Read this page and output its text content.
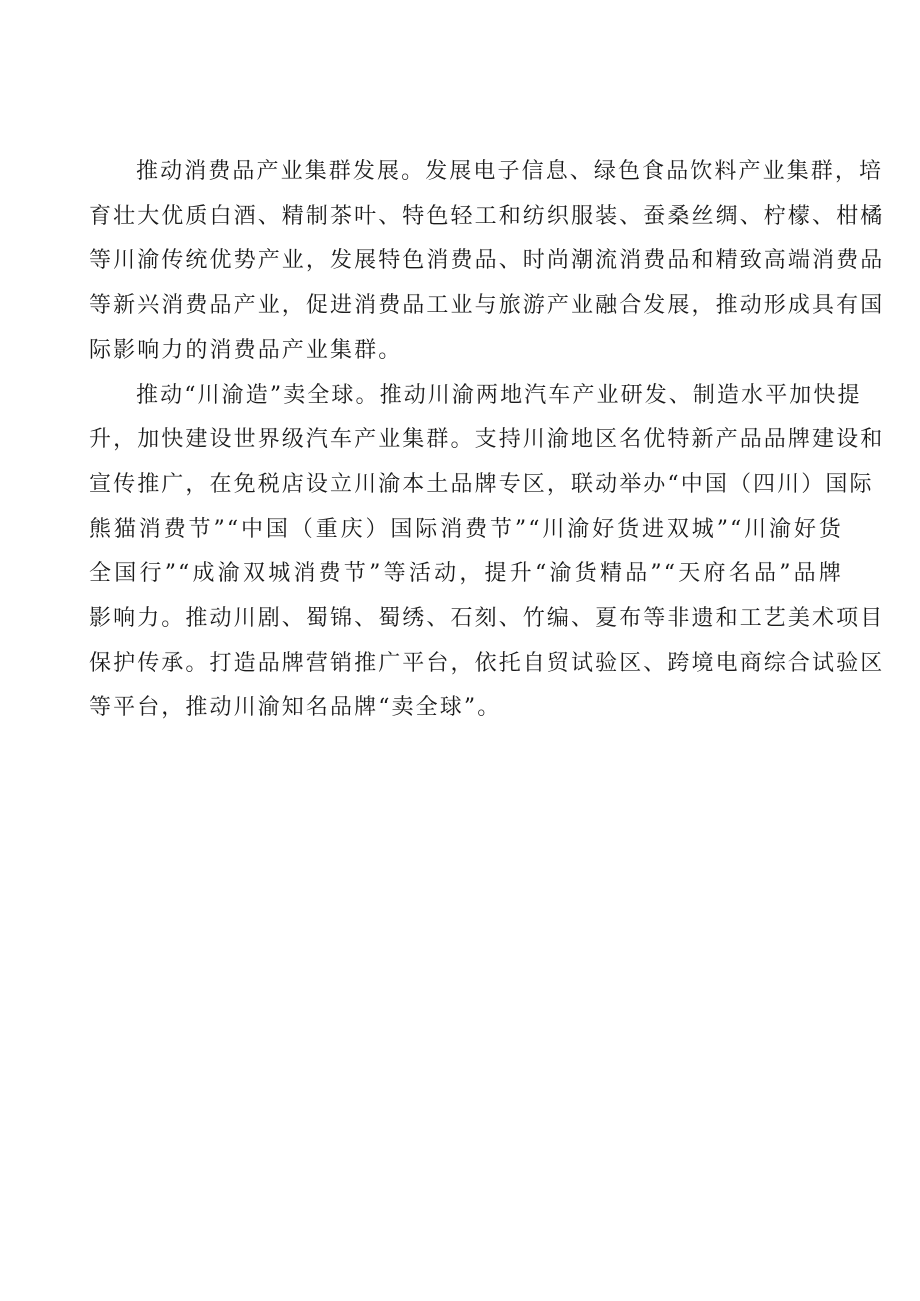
推动消费品产业集群发展。发展电子信息、绿色食品饮料产业集群，培
育壮大优质白酒、精制茶叶、特色轻工和纺织服装、蚕桑丝绸、柠檬、柑橘
等川渝传统优势产业，发展特色消费品、时尚潮流消费品和精致高端消费品
等新兴消费品产业，促进消费品工业与旅游产业融合发展，推动形成具有国
际影响力的消费品产业集群。
推动“川渝造”卖全球。推动川渝两地汽车产业研发、制造水平加快提
升，加快建设世界级汽车产业集群。支持川渝地区名优特新产品品牌建设和
宣传推广，在免税店设立川渝本土品牌专区，联动举办“中国（四川）国际
熊猫消费节”“中国（重庆）国际消费节”“川渝好货进双城”“川渝好货
全国行”“成渝双城消费节”等活动，提升“渝货精品”“天府名品”品牌
影响力。推动川剧、蜀锦、蜀绣、石刻、竹编、夏布等非遗和工艺美术项目
保护传承。打造品牌营销推广平台，依托自贸试验区、跨境电商综合试验区
等平台，推动川渝知名品牌“卖全球”。
